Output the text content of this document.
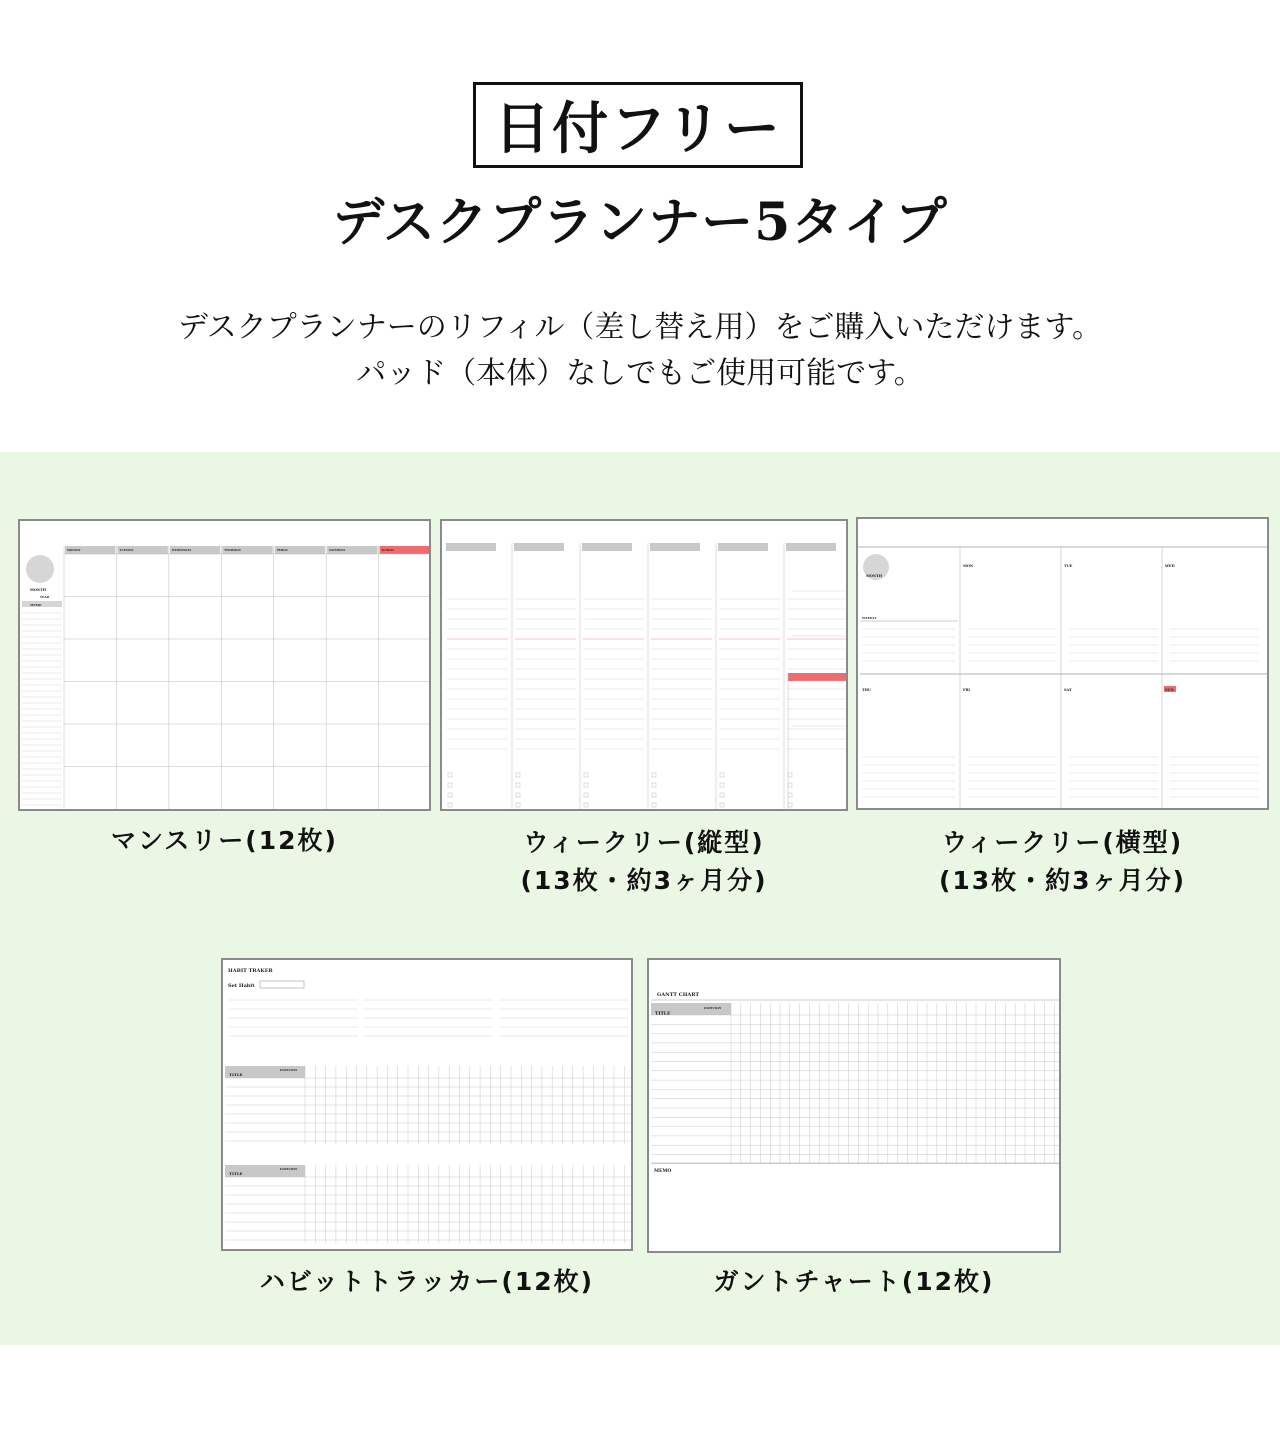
日付フリー
デスクプランナー5タイプ
デスクプランナーのリフィル（差し替え用）をご購入いただけます。
パッド（本体）なしでもご使用可能です。
MONTH
YEAR
MEMO
MONDAY	TUESDAY	WEDNESDAY	THURSDAY	FRIDAY	SATURDAY	SUNDAY
マンスリー(12枚)	ウィークリー(縦型)
(13枚・約3ヶ月分)
MONTH
WEEKLY
MON	TUE	WED
THU	FRI	SAT	SUN
ウィークリー(横型)
(13枚・約3ヶ月分)
HABIT TRAKER
Set Habit
TITLE
DATE/DAY
TITLE
DATE/DAY
ハビットトラッカー(12枚)
GANTT CHART
TITLE
DATE/DAY
MEMO
ガントチャート(12枚)
